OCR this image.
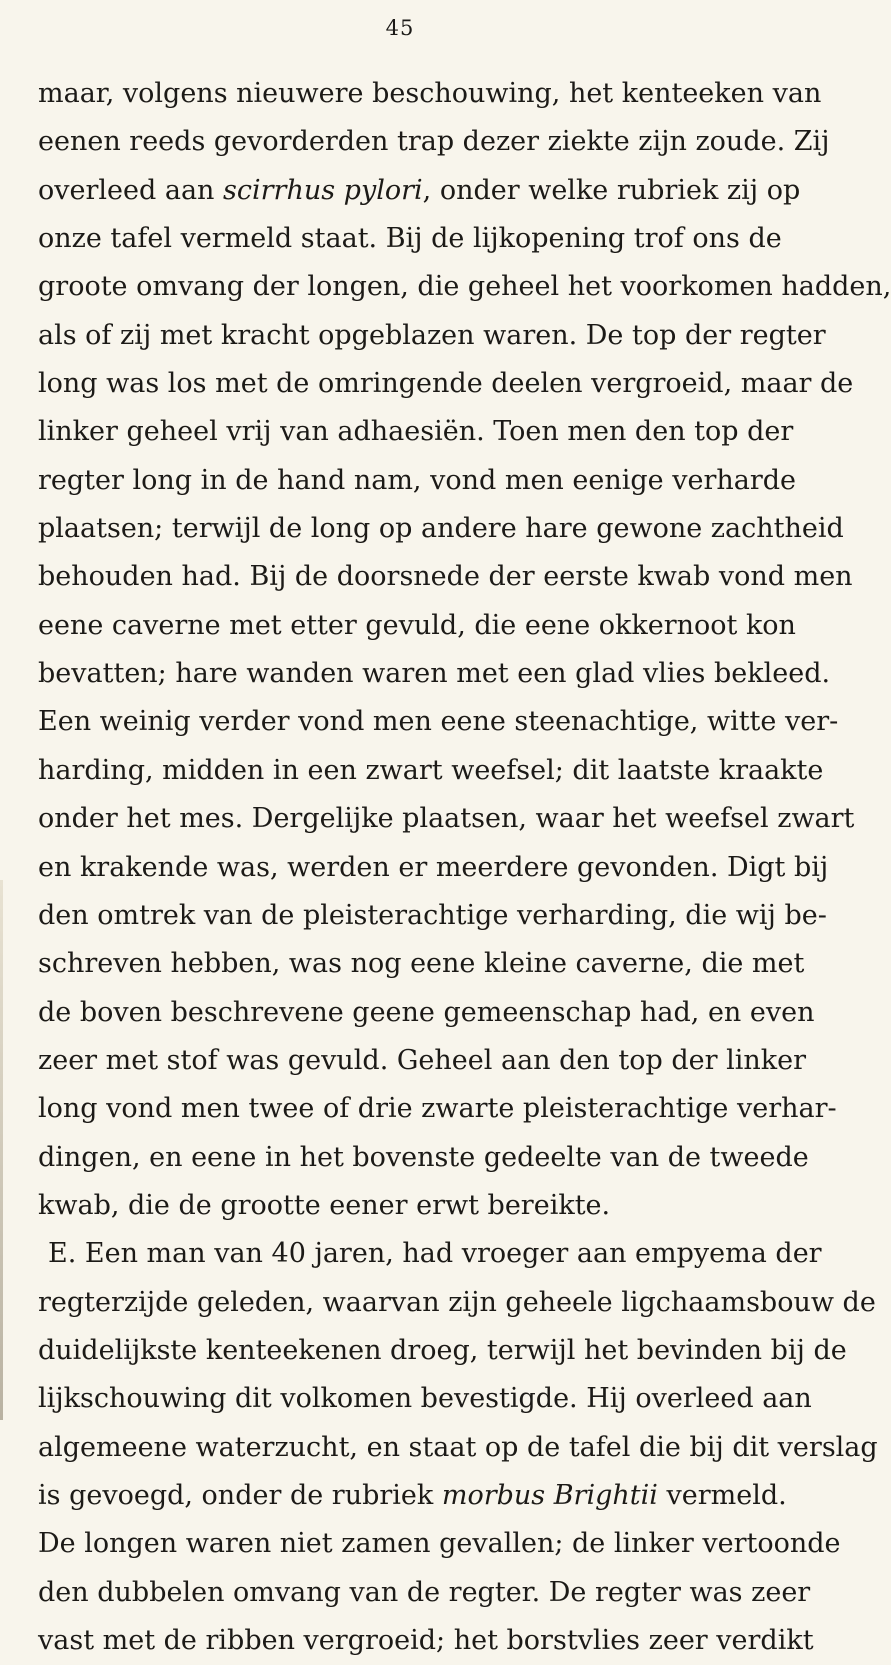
45
maar, volgens nieuwere beschouwing, het kenteeken van
eenen reeds gevorderden trap dezer ziekte zijn zoude. Zij
overleed aan scirrhus pylori, onder welke rubriek zij op
onze tafel vermeld staat. Bij de lijkopening trof ons de
groote omvang der longen, die geheel het voorkomen hadden,
als of zij met kracht opgeblazen waren. De top der regter
long was los met de omringende deelen vergroeid, maar de
linker geheel vrij van adhaesiën. Toen men den top der
regter long in de hand nam, vond men eenige verharde
plaatsen; terwijl de long op andere hare gewone zachtheid
behouden had. Bij de doorsnede der eerste kwab vond men
eene caverne met etter gevuld, die eene okkernoot kon
bevatten; hare wanden waren met een glad vlies bekleed.
Een weinig verder vond men eene steenachtige, witte ver-
harding, midden in een zwart weefsel; dit laatste kraakte
onder het mes. Dergelijke plaatsen, waar het weefsel zwart
en krakende was, werden er meerdere gevonden. Digt bij
den omtrek van de pleisterachtige verharding, die wij be-
schreven hebben, was nog eene kleine caverne, die met
de boven beschrevene geene gemeenschap had, en even
zeer met stof was gevuld. Geheel aan den top der linker
long vond men twee of drie zwarte pleisterachtige verhar-
dingen, en eene in het bovenste gedeelte van de tweede
kwab, die de grootte eener erwt bereikte.
E. Een man van 40 jaren, had vroeger aan empyema der
regterzijde geleden, waarvan zijn geheele ligchaamsbouw de
duidelijkste kenteekenen droeg, terwijl het bevinden bij de
lijkschouwing dit volkomen bevestigde. Hij overleed aan
algemeene waterzucht, en staat op de tafel die bij dit verslag
is gevoegd, onder de rubriek morbus Brightii vermeld.
De longen waren niet zamen gevallen; de linker vertoonde
den dubbelen omvang van de regter. De regter was zeer
vast met de ribben vergroeid; het borstvlies zeer verdikt
